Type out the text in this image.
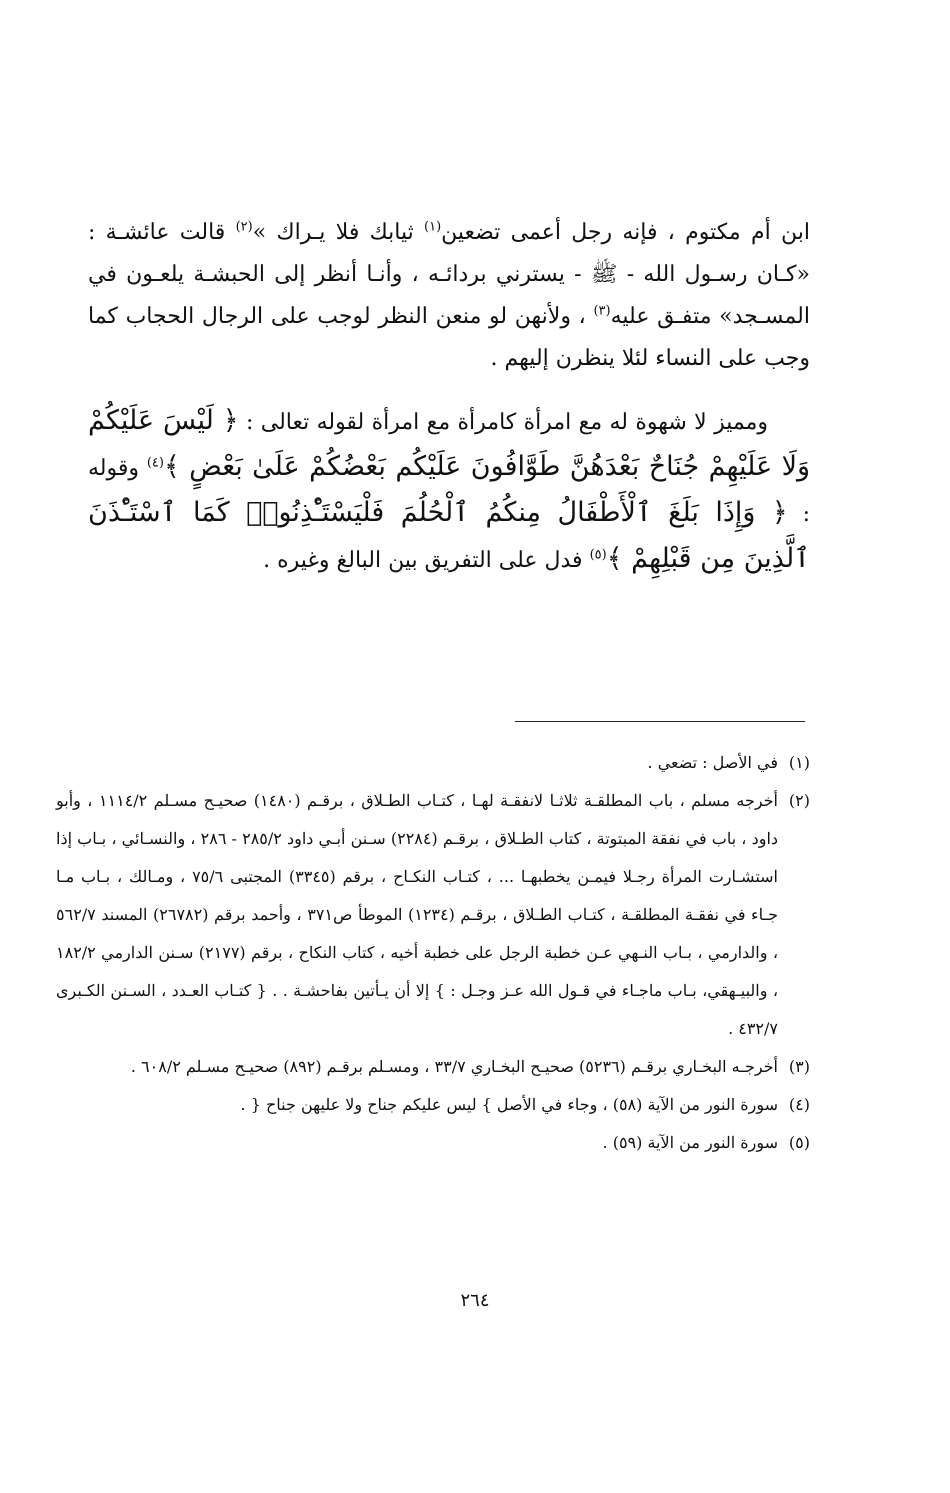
ابن أم مكتوم ، فإنه رجل أعمى تضعين$^{(١)}$ ثيابك فلا يـراك »$^{(٢)}$ قالت عائشـة : «كـان رسـول الله - ﷺ - يسترني بردائـه ، وأنـا أنظر إلى الحبشـة يلعـون في المسـجد» متفـق عليه$^{(٣)}$ ، ولأنهن لو منعن النظر لوجب على الرجال الحجاب كما وجب على النساء لئلا ينظرن إليهم .

ومميز لا شهوة له مع امرأة كامرأة مع امرأة لقوله تعالى : ﴿ لَيْسَ عَلَيْكُمْ وَلَا عَلَيْهِمْ جُنَاحٌ بَعْدَهُنَّ طَوَّافُونَ عَلَيْكُم بَعْضُكُمْ عَلَىٰ بَعْضٍ ﴾$^{(٤)}$ وقوله : ﴿ وَإِذَا بَلَغَ ٱلْأَطْفَالُ مِنكُمُ ٱلْحُلُمَ فَلْيَسْتَـْٔذِنُوا۟ كَمَا ٱسْتَـْٔذَنَ ٱلَّذِينَ مِن قَبْلِهِمْ ﴾$^{(٥)}$ فدل على التفريق بين البالغ وغيره .

(١)
في الأصل : تضعي .
(٢)
أخرجه مسلم ، باب المطلقـة ثلاثـا لانفقـة لهـا ، كتـاب الطـلاق ، برقـم (١٤٨٠) صحيـح مسـلم ١١١٤/٢ ، وأبو داود ، باب في نفقة المبتوتة ، كتاب الطـلاق ، برقـم (٢٢٨٤) سـنن أبـي داود ٢٨٥/٢ - ٢٨٦ ، والنسـائي ، بـاب إذا استشـارت المرأة رجـلا فيمـن يخطبهـا ... ، كتـاب النكـاح ، برقم (٣٣٤٥) المجتبى ٧٥/٦ ، ومـالك ، بـاب مـا جـاء في نفقـة المطلقـة ، كتـاب الطـلاق ، برقـم (١٢٣٤) الموطأ ص٣٧١ ، وأحمد برقم (٢٦٧٨٢) المسند ٥٦٢/٧ ، والدارمي ، بـاب النـهي عـن خطبة الرجل على خطبة أخيه ، كتاب النكاح ، برقم (٢١٧٧) سـنن الدارمي ١٨٢/٢ ، والبيـهقي، بـاب ماجـاء في قـول الله عـز وجـل : } إلا أن يـأتين بفاحشـة . . { كتـاب العـدد ، السـنن الكـبرى ٤٣٢/٧ .
(٣)
أخرجـه البخـاري برقـم (٥٢٣٦) صحيـح البخـاري ٣٣/٧ ، ومسـلم برقـم (٨٩٢) صحيـح مسـلم ٦٠٨/٢ .
(٤)
سورة النور من الآية (٥٨) ، وجاء في الأصل } ليس عليكم جناح ولا عليهن جناح { .
(٥)
سورة النور من الآية (٥٩) .
٢٦٤
